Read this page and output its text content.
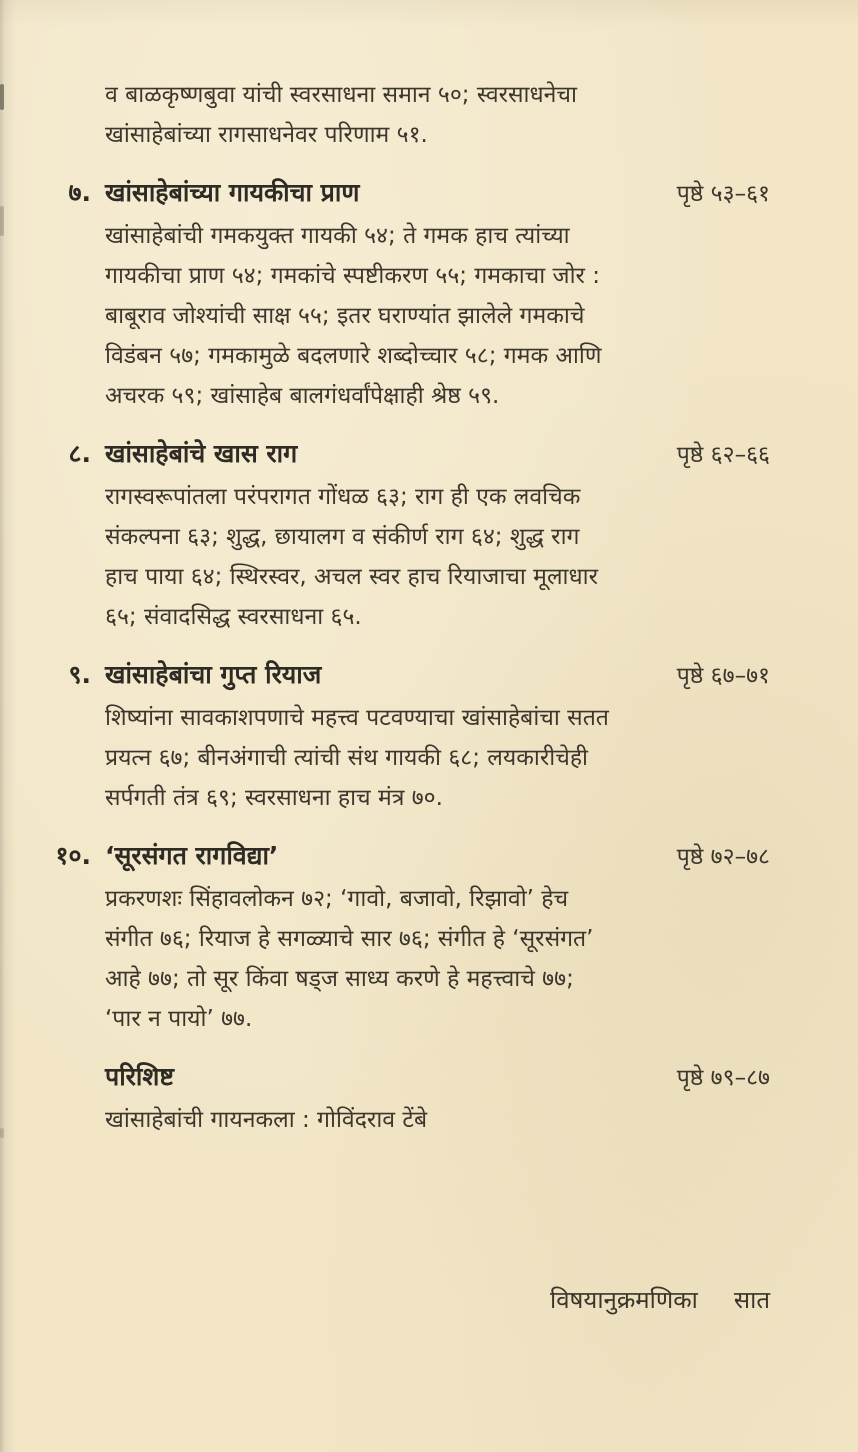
व बाळकृष्णबुवा यांची स्वरसाधना समान ५०; स्वरसाधनेचा
खांसाहेबांच्या रागसाधनेवर परिणाम ५१.
७. खांसाहेबांच्या गायकीचा प्राण	पृष्ठे ५३–६१
खांसाहेबांची गमकयुक्त गायकी ५४; ते गमक हाच त्यांच्या
गायकीचा प्राण ५४; गमकांचे स्पष्टीकरण ५५; गमकाचा जोर :
बाबूराव जोश्यांची साक्ष ५५; इतर घराण्यांत झालेले गमकाचे
विडंबन ५७; गमकामुळे बदलणारे शब्दोच्चार ५८; गमक आणि
अचरक ५९; खांसाहेब बालगंधर्वांपेक्षाही श्रेष्ठ ५९.
८. खांसाहेबांचे खास राग	पृष्ठे ६२–६६
रागस्वरूपांतला परंपरागत गोंधळ ६३; राग ही एक लवचिक
संकल्पना ६३; शुद्ध, छायालग व संकीर्ण राग ६४; शुद्ध राग
हाच पाया ६४; स्थिरस्वर, अचल स्वर हाच रियाजाचा मूलाधार
६५; संवादसिद्ध स्वरसाधना ६५.
९. खांसाहेबांचा गुप्त रियाज	पृष्ठे ६७–७१
शिष्यांना सावकाशपणाचे महत्त्व पटवण्याचा खांसाहेबांचा सतत
प्रयत्न ६७; बीनअंगाची त्यांची संथ गायकी ६८; लयकारीचेही
सर्पगती तंत्र ६९; स्वरसाधना हाच मंत्र ७०.
१०. ‘सूरसंगत रागविद्या’	पृष्ठे ७२–७८
प्रकरणशः सिंहावलोकन ७२; ‘गावो, बजावो, रिझावो’ हेच
संगीत ७६; रियाज हे सगळ्याचे सार ७६; संगीत हे ‘सूरसंगत’
आहे ७७; तो सूर किंवा षड्ज साध्य करणे हे महत्त्वाचे ७७;
‘पार न पायो’ ७७.
परिशिष्ट	पृष्ठे ७९–८७
खांसाहेबांची गायनकला : गोविंदराव टेंबे
विषयानुक्रमणिका सात
